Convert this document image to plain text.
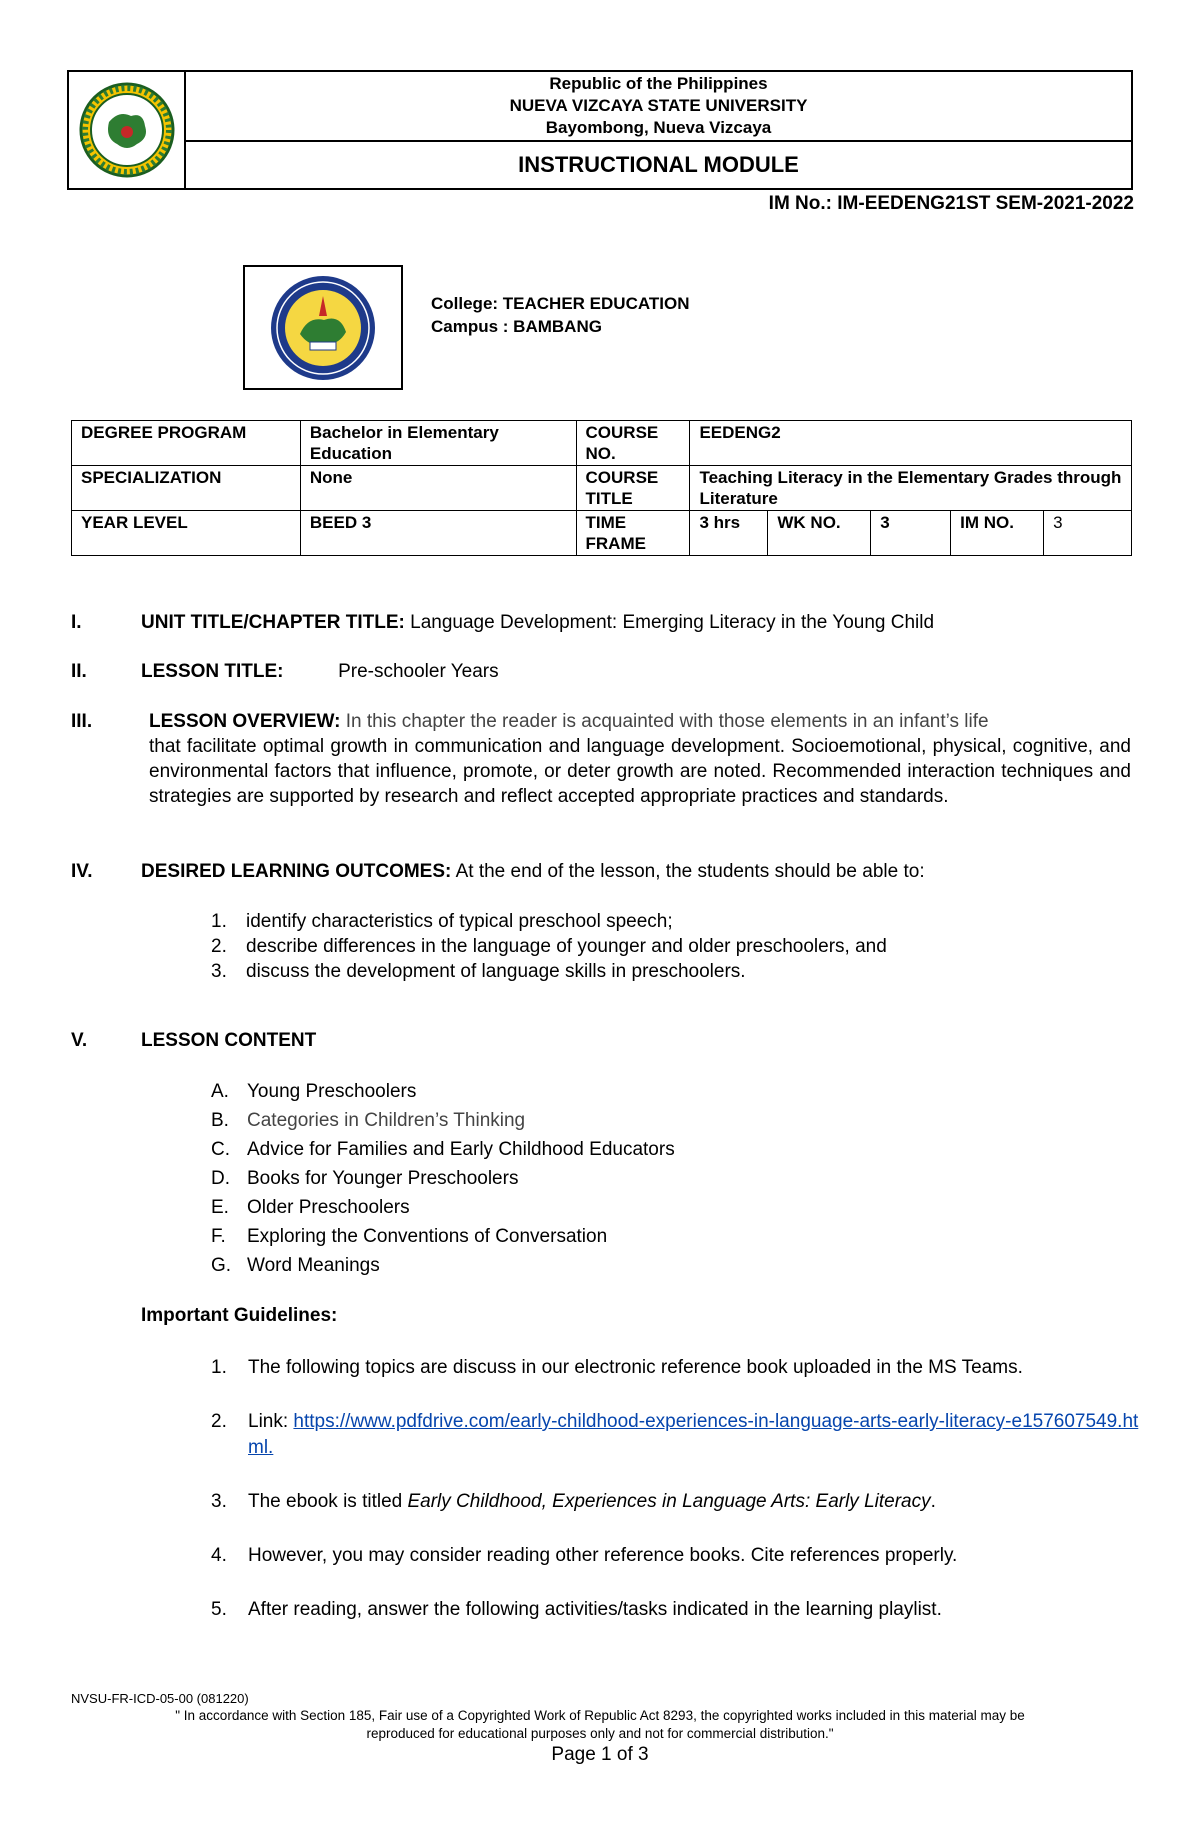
Republic of the Philippines
NUEVA VIZCAYA STATE UNIVERSITY
Bayombong, Nueva Vizcaya
INSTRUCTIONAL MODULE
IM No.: IM-EEDENG21ST SEM-2021-2022
College: TEACHER EDUCATION
Campus : BAMBANG
DEGREE PROGRAM	Bachelor in Elementary Education	COURSE NO.	EEDENG2				
SPECIALIZATION	None	COURSE TITLE	Teaching Literacy in the Elementary Grades through Literature				
YEAR LEVEL	BEED 3	TIME FRAME	3 hrs	WK NO.	3	IM NO.	3
I.	UNIT TITLE/CHAPTER TITLE: Language Development: Emerging Literacy in the Young Child
II.	LESSON TITLE:	Pre-schooler Years
III.	LESSON OVERVIEW: In this chapter the reader is acquainted with those elements in an infant’s life
that facilitate optimal growth in communication and language development. Socioemotional, physical, cognitive, and environmental factors that influence, promote, or deter growth are noted. Recommended interaction techniques and strategies are supported by research and reflect accepted appropriate practices and standards.
IV.	DESIRED LEARNING OUTCOMES: At the end of the lesson, the students should be able to:
1. identify characteristics of typical preschool speech;
2. describe differences in the language of younger and older preschoolers, and
3. discuss the development of language skills in preschoolers.
V.	LESSON CONTENT
A. Young Preschoolers
B. Categories in Children’s Thinking
C. Advice for Families and Early Childhood Educators
D. Books for Younger Preschoolers
E. Older Preschoolers
F. Exploring the Conventions of Conversation
G. Word Meanings
Important Guidelines:
1. The following topics are discuss in our electronic reference book uploaded in the MS Teams.
2. Link: https://www.pdfdrive.com/early-childhood-experiences-in-language-arts-early-literacy-e157607549.html.
3. The ebook is titled Early Childhood, Experiences in Language Arts: Early Literacy.
4. However, you may consider reading other reference books. Cite references properly.
5. After reading, answer the following activities/tasks indicated in the learning playlist.
NVSU-FR-ICD-05-00 (081220)
" In accordance with Section 185, Fair use of a Copyrighted Work of Republic Act 8293, the copyrighted works included in this material may be
reproduced for educational purposes only and not for commercial distribution."
Page 1 of 3
